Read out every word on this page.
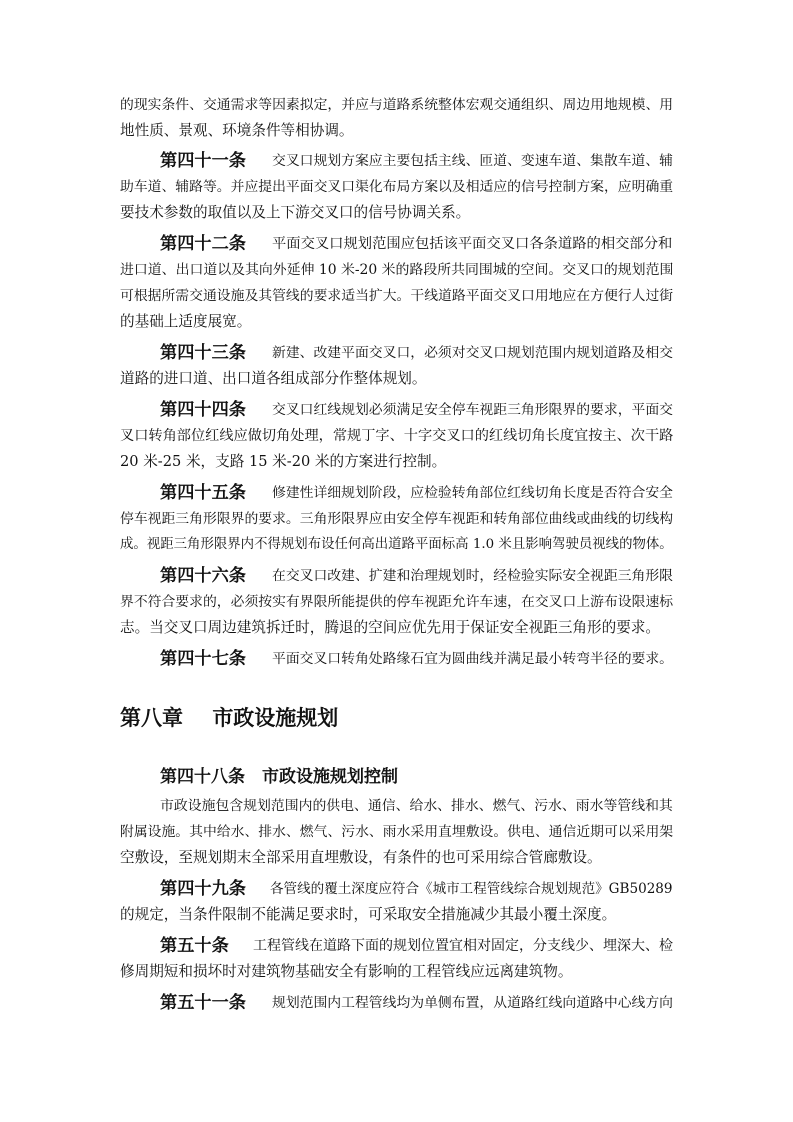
的现实条件、交通需求等因素拟定，并应与道路系统整体宏观交通组织、周边用地规模、用
地性质、景观、环境条件等相协调。
第四十一条 交叉口规划方案应主要包括主线、匝道、变速车道、集散车道、辅
助车道、辅路等。并应提出平面交叉口渠化布局方案以及相适应的信号控制方案，应明确重
要技术参数的取值以及上下游交叉口的信号协调关系。
第四十二条 平面交叉口规划范围应包括该平面交叉口各条道路的相交部分和
进口道、出口道以及其向外延伸 10 米-20 米的路段所共同围城的空间。交叉口的规划范围
可根据所需交通设施及其管线的要求适当扩大。干线道路平面交叉口用地应在方便行人过街
的基础上适度展宽。
第四十三条 新建、改建平面交叉口，必须对交叉口规划范围内规划道路及相交
道路的进口道、出口道各组成部分作整体规划。
第四十四条 交叉口红线规划必须满足安全停车视距三角形限界的要求，平面交
叉口转角部位红线应做切角处理，常规丁字、十字交叉口的红线切角长度宜按主、次干路
20 米-25 米，支路 15 米-20 米的方案进行控制。
第四十五条 修建性详细规划阶段，应检验转角部位红线切角长度是否符合安全
停车视距三角形限界的要求。三角形限界应由安全停车视距和转角部位曲线或曲线的切线构
成。视距三角形限界内不得规划布设任何高出道路平面标高 1.0 米且影响驾驶员视线的物体。
第四十六条 在交叉口改建、扩建和治理规划时，经检验实际安全视距三角形限
界不符合要求的，必须按实有界限所能提供的停车视距允许车速，在交叉口上游布设限速标
志。当交叉口周边建筑拆迁时，腾退的空间应优先用于保证安全视距三角形的要求。
第四十七条 平面交叉口转角处路缘石宜为圆曲线并满足最小转弯半径的要求。
第八章 市政设施规划
第四十八条　市政设施规划控制
市政设施包含规划范围内的供电、通信、给水、排水、燃气、污水、雨水等管线和其
附属设施。其中给水、排水、燃气、污水、雨水采用直埋敷设。供电、通信近期可以采用架
空敷设，至规划期末全部采用直埋敷设，有条件的也可采用综合管廊敷设。
第四十九条 各管线的覆土深度应符合《城市工程管线综合规划规范》GB50289
的规定，当条件限制不能满足要求时，可采取安全措施减少其最小覆土深度。
第五十条 工程管线在道路下面的规划位置宜相对固定，分支线少、埋深大、检
修周期短和损坏时对建筑物基础安全有影响的工程管线应远离建筑物。
第五十一条 规划范围内工程管线均为单侧布置，从道路红线向道路中心线方向
